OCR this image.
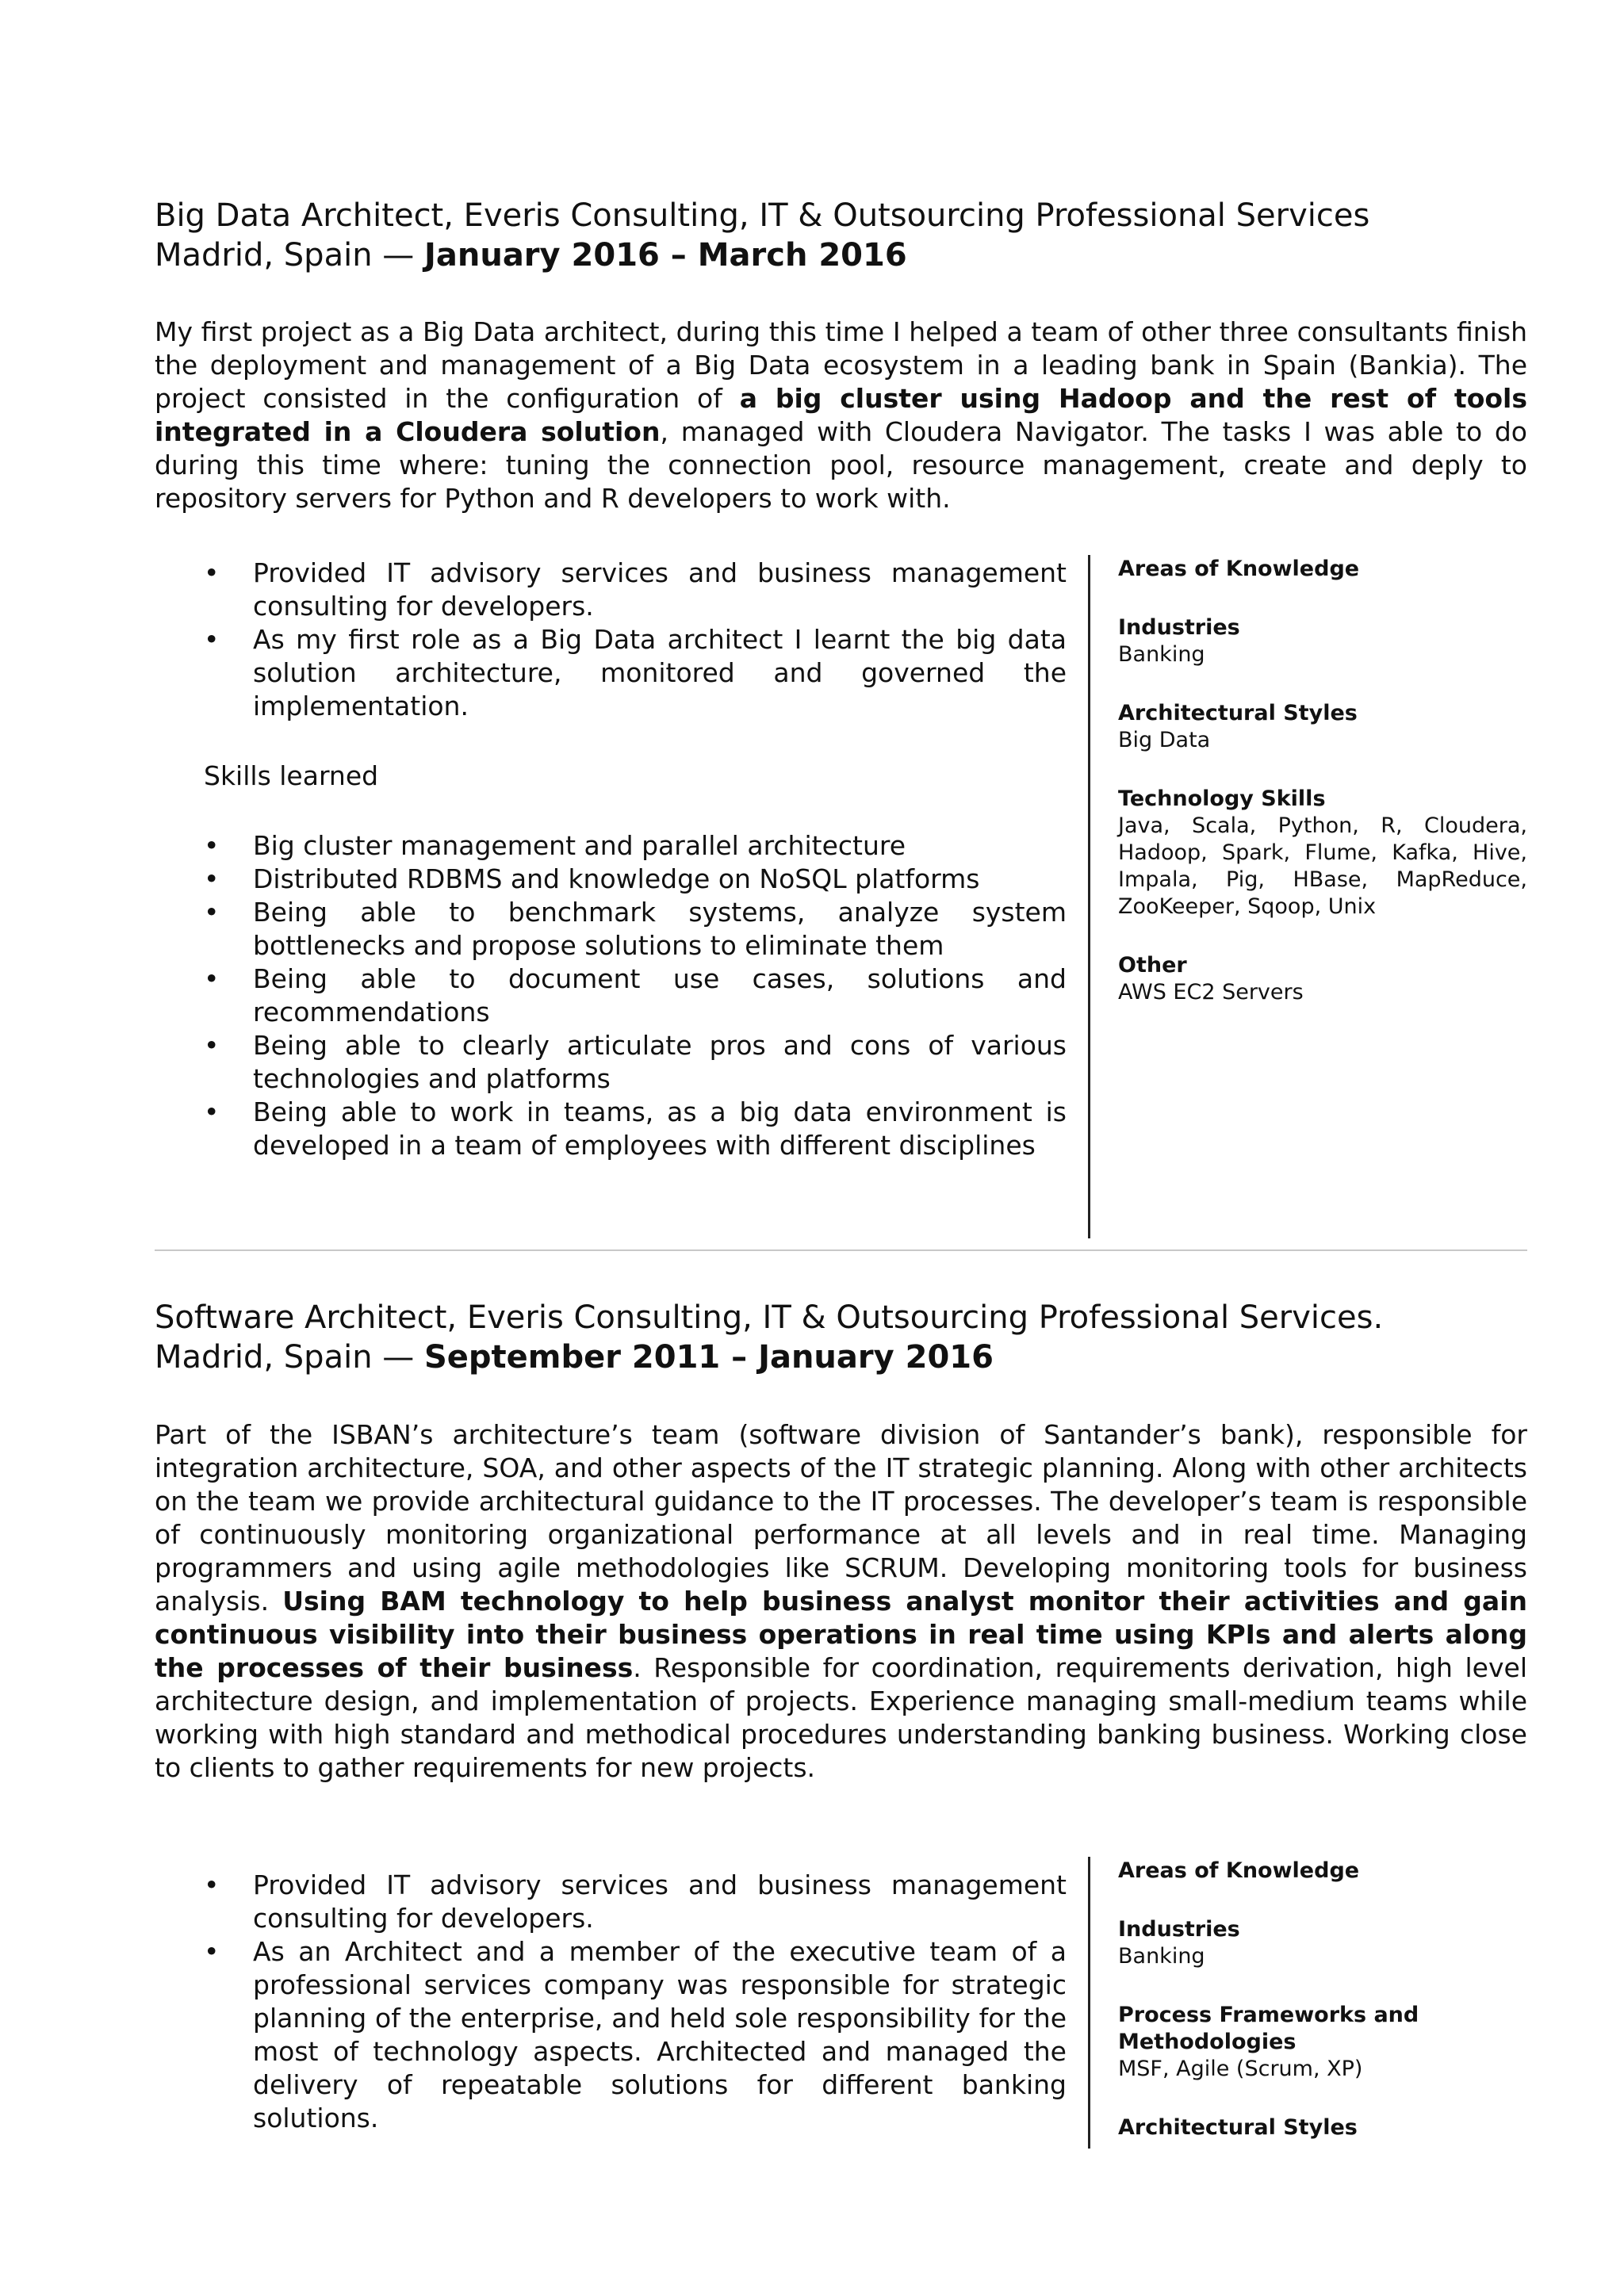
Big Data Architect, Everis Consulting, IT & Outsourcing Professional Services
Madrid, Spain — January 2016 – March 2016
My first project as a Big Data architect, during this time I helped a team of other three consultants finish the deployment and management of a Big Data ecosystem in a leading bank in Spain (Bankia). The project consisted in the configuration of a big cluster using Hadoop and the rest of tools integrated in a Cloudera solution, managed with Cloudera Navigator. The tasks I was able to do during this time where: tuning the connection pool, resource management, create and deply to repository servers for Python and R developers to work with.
• Provided IT advisory services and business management consulting for developers.
• As my first role as a Big Data architect I learnt the big data solution architecture, monitored and governed the implementation.
Skills learned
• Big cluster management and parallel architecture
• Distributed RDBMS and knowledge on NoSQL platforms
• Being able to benchmark systems, analyze system bottlenecks and propose solutions to eliminate them
• Being able to document use cases, solutions and recommendations
• Being able to clearly articulate pros and cons of various technologies and platforms
• Being able to work in teams, as a big data environment is developed in a team of employees with different disciplines
Areas of Knowledge
Industries
Banking
Architectural Styles
Big Data
Technology Skills
Java, Scala, Python, R, Cloudera, Hadoop, Spark, Flume, Kafka, Hive, Impala, Pig, HBase, MapReduce, ZooKeeper, Sqoop, Unix
Other
AWS EC2 Servers
Software Architect, Everis Consulting, IT & Outsourcing Professional Services.
Madrid, Spain — September 2011 – January 2016
Part of the ISBAN’s architecture’s team (software division of Santander’s bank), responsible for integration architecture, SOA, and other aspects of the IT strategic planning. Along with other architects on the team we provide architectural guidance to the IT processes. The developer’s team is responsible of continuously monitoring organizational performance at all levels and in real time. Managing programmers and using agile methodologies like SCRUM. Developing monitoring tools for business analysis. Using BAM technology to help business analyst monitor their activities and gain continuous visibility into their business operations in real time using KPIs and alerts along the processes of their business. Responsible for coordination, requirements derivation, high level architecture design, and implementation of projects. Experience managing small-medium teams while working with high standard and methodical procedures understanding banking business. Working close to clients to gather requirements for new projects.
• Provided IT advisory services and business management consulting for developers.
• As an Architect and a member of the executive team of a professional services company was responsible for strategic planning of the enterprise, and held sole responsibility for the most of technology aspects. Architected and managed the delivery of repeatable solutions for different banking solutions.
Areas of Knowledge
Industries
Banking
Process Frameworks and Methodologies
MSF, Agile (Scrum, XP)
Architectural Styles
